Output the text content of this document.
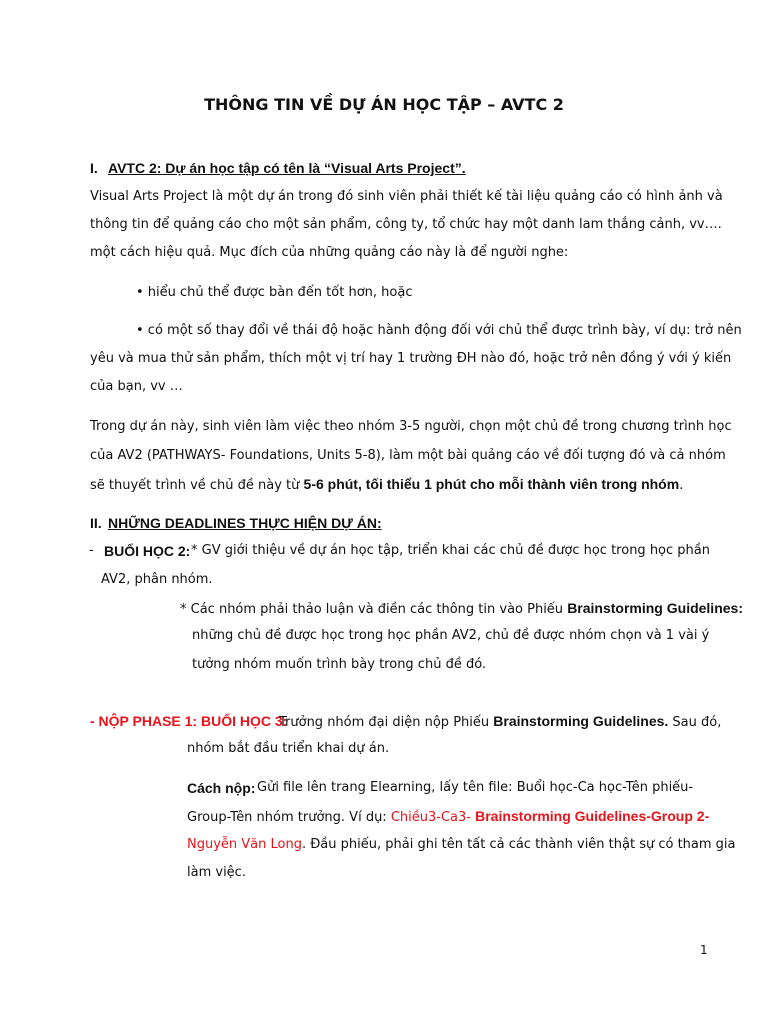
THÔNG TIN VỀ DỰ ÁN HỌC TẬP – AVTC 2
I. AVTC 2: Dự án học tập có tên là “Visual Arts Project”.
Visual Arts Project là một dự án trong đó sinh viên phải thiết kế tài liệu quảng cáo có hình ảnh và
thông tin để quảng cáo cho một sản phẩm, công ty, tổ chức hay một danh lam thắng cảnh, vv….
một cách hiệu quả. Mục đích của những quảng cáo này là để người nghe:
• hiểu chủ thể được bàn đến tốt hơn, hoặc
• có một số thay đổi về thái độ hoặc hành động đối với chủ thể được trình bày, ví dụ: trở nên
yêu và mua thử sản phẩm, thích một vị trí hay 1 trường ĐH nào đó, hoặc trở nên đồng ý với ý kiến
của bạn, vv …
Trong dự án này, sinh viên làm việc theo nhóm 3-5 người, chọn một chủ đề trong chương trình học
của AV2 (PATHWAYS- Foundations, Units 5-8), làm một bài quảng cáo về đối tượng đó và cả nhóm
sẽ thuyết trình về chủ đề này từ 5-6 phút, tối thiểu 1 phút cho mỗi thành viên trong nhóm.
II. NHỮNG DEADLINES THỰC HIỆN DỰ ÁN:
- BUỔI HỌC 2: * GV giới thiệu về dự án học tập, triển khai các chủ đề được học trong học phần
AV2, phân nhóm.
* Các nhóm phải thảo luận và điền các thông tin vào Phiếu Brainstorming Guidelines:
những chủ đề được học trong học phần AV2, chủ đề được nhóm chọn và 1 vài ý
tưởng nhóm muốn trình bày trong chủ đề đó.
- NỘP PHASE 1: BUỔI HỌC 3:
Trưởng nhóm đại diện nộp Phiếu Brainstorming Guidelines. Sau đó,
nhóm bắt đầu triển khai dự án.
Cách nộp: Gửi file lên trang Elearning, lấy tên file: Buổi học-Ca học-Tên phiếu-
Group-Tên nhóm trưởng. Ví dụ: Chiều3-Ca3- Brainstorming Guidelines-Group 2-
Nguyễn Văn Long. Đầu phiếu, phải ghi tên tất cả các thành viên thật sự có tham gia
làm việc.
1
